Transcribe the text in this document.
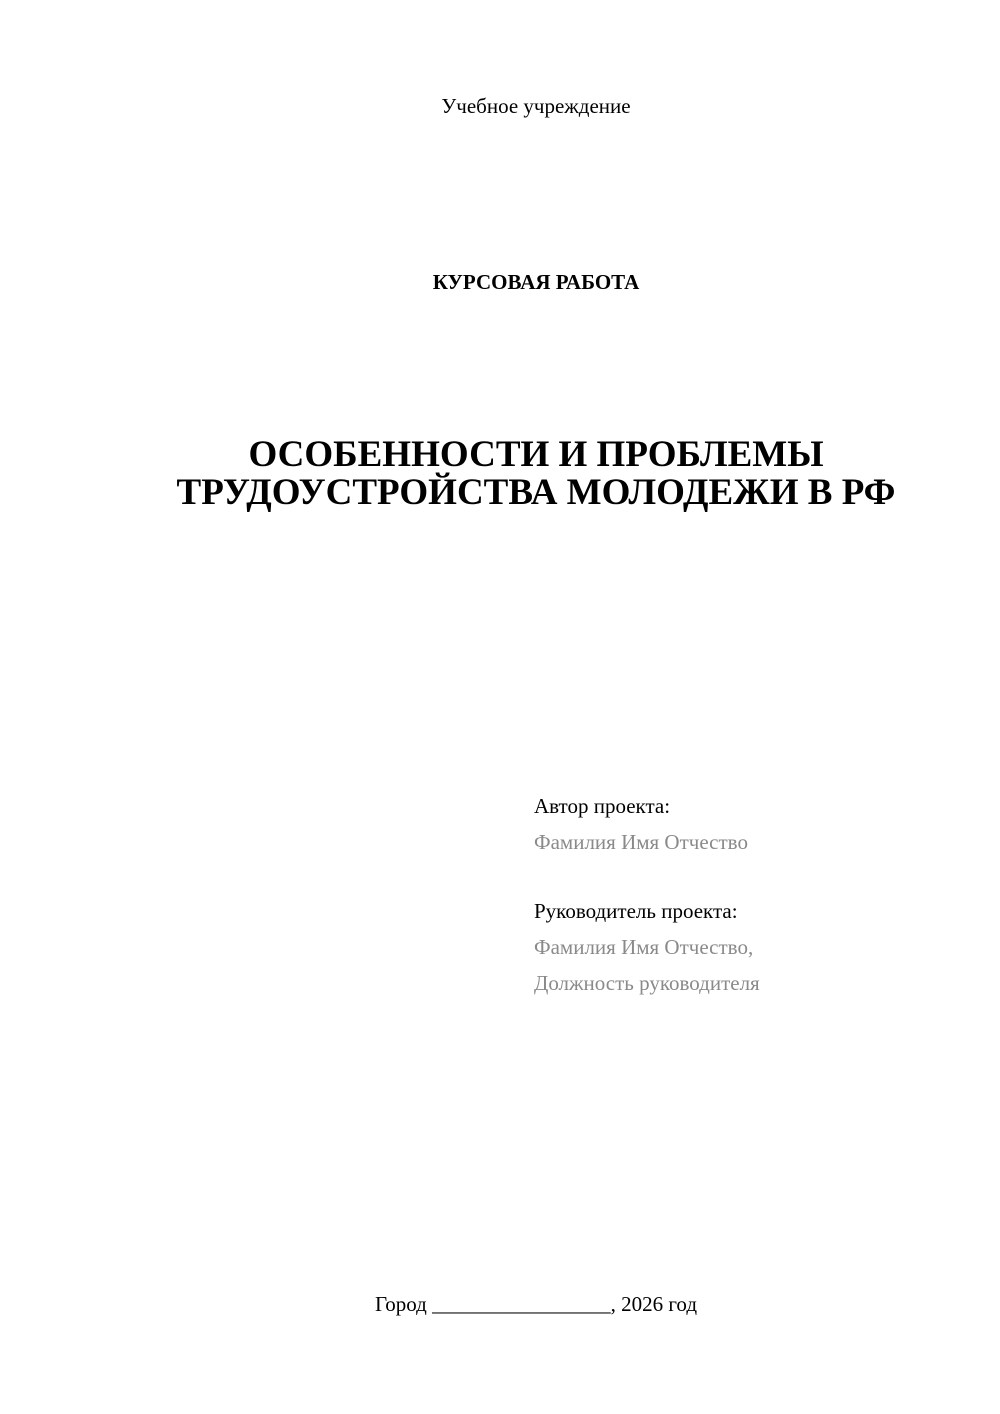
Учебное учреждение

КУРСОВАЯ РАБОТА

ОСОБЕННОСТИ И ПРОБЛЕМЫ
ТРУДОУСТРОЙСТВА МОЛОДЕЖИ В РФ

Автор проекта:

Фамилия Имя Отчество

Руководитель проекта:

Фамилия Имя Отчество,

Должность руководителя

Город _________________, 2026 год
